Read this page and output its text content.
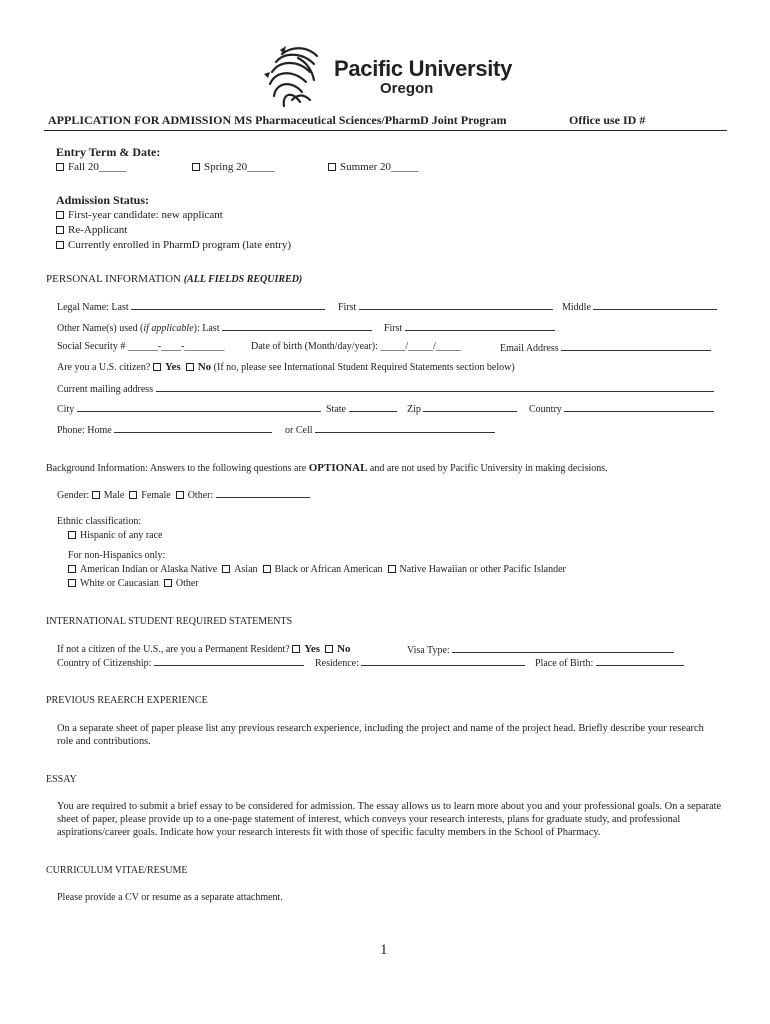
Pacific University
Oregon
APPLICATION FOR ADMISSION MS Pharmaceutical Sciences/PharmD Joint Program	Office use ID #
Entry Term & Date:
Fall 20_____	Spring 20_____	Summer 20_____
Admission Status:
First-year candidate: new applicant
Re-Applicant
Currently enrolled in PharmD program (late entry)
PERSONAL INFORMATION (ALL FIELDS REQUIRED)
Legal Name: Last	First	Middle
Other Name(s) used (if applicable): Last	First
Social Security # ______-____-________	Date of birth (Month/day/year): _____/_____/_____	Email Address
Are you a U.S. citizen? Yes No (If no, please see International Student Required Statements section below)
Current mailing address
City	State	Zip	Country
Phone: Home	or Cell
Background Information: Answers to the following questions are OPTIONAL and are not used by Pacific University in making decisions.
Gender: Male Female Other:
Ethnic classification:
Hispanic of any race
For non-Hispanics only:
American Indian or Alaska Native Asian Black or African American Native Hawaiian or other Pacific Islander
White or Caucasian Other
INTERNATIONAL STUDENT REQUIRED STATEMENTS
If not a citizen of the U.S., are you a Permanent Resident? Yes No	Visa Type:
Country of Citizenship:	Residence:	Place of Birth:
PREVIOUS REAERCH EXPERIENCE
On a separate sheet of paper please list any previous research experience, including the project and name of the project head. Briefly describe your research role and contributions.
ESSAY
You are required to submit a brief essay to be considered for admission. The essay allows us to learn more about you and your professional goals. On a separate sheet of paper, please provide up to a one-page statement of interest, which conveys your research interests, plans for graduate study, and professional aspirations/career goals. Indicate how your research interests fit with those of specific faculty members in the School of Pharmacy.
CURRICULUM VITAE/RESUME
Please provide a CV or resume as a separate attachment.
1
